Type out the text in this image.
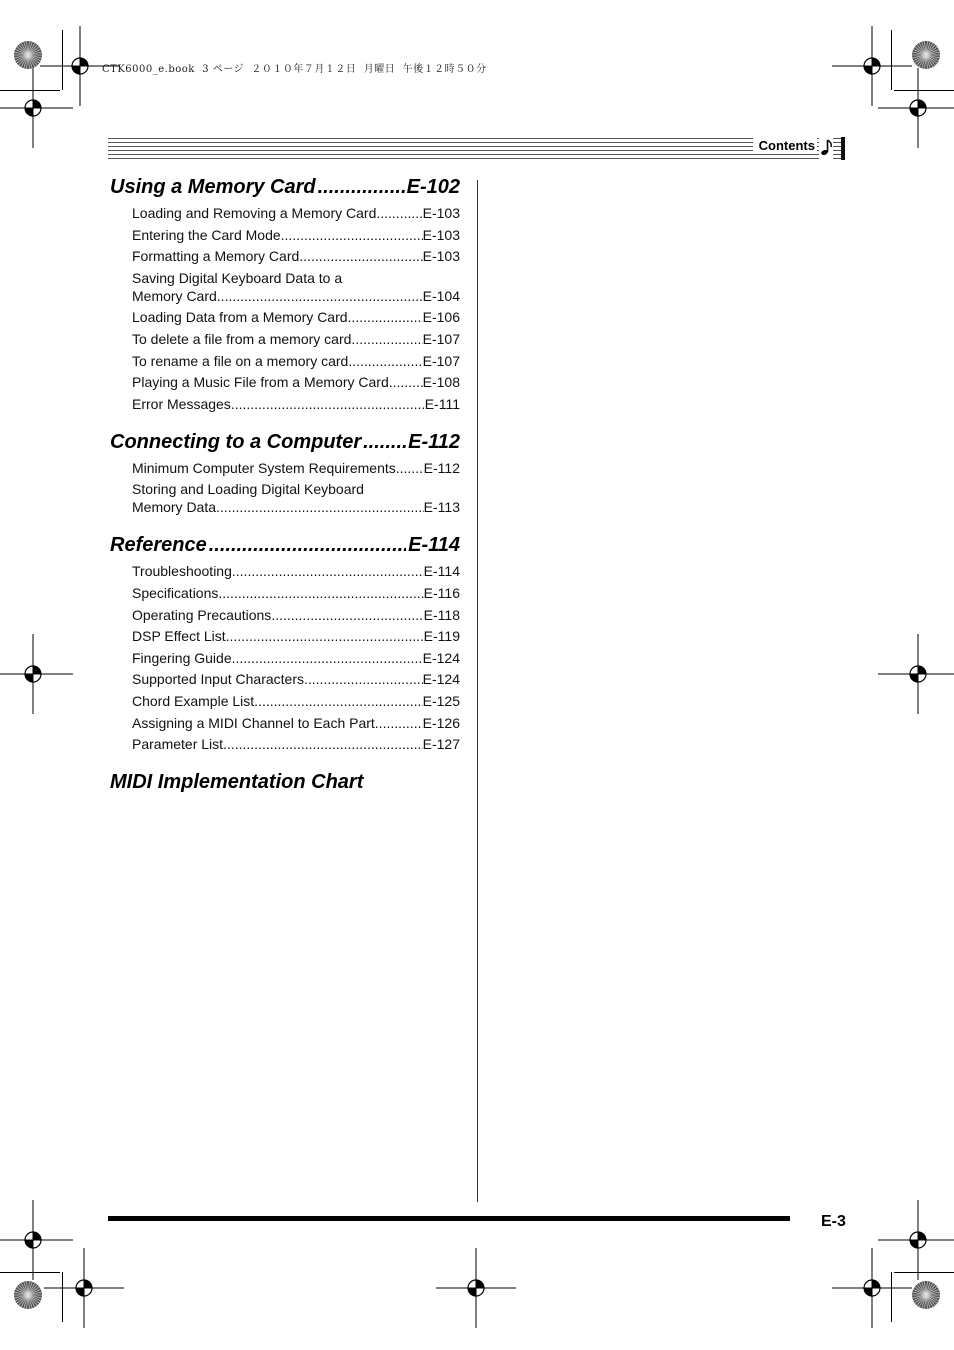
CTK6000_e.book  3 ページ  ２０１０年７月１２日  月曜日  午後１２時５０分
Contents
Using a Memory Card .....	E-102
Loading and Removing a Memory Card .....	E-103
Entering the Card Mode .....	E-103
Formatting a Memory Card .....	E-103
Saving Digital Keyboard Data to a
Memory Card .....	E-104
Loading Data from a Memory Card .....	E-106
To delete a file from a memory card .....	E-107
To rename a file on a memory card .....	E-107
Playing a Music File from a Memory Card ..... E-108
Error Messages .....	E-111
Connecting to a Computer ..... E-112
Minimum Computer System Requirements ..... E-112
Storing and Loading Digital Keyboard
Memory Data .....	E-113
Reference .....	E-114
Troubleshooting .....	E-114
Specifications .....	E-116
Operating Precautions .....	E-118
DSP Effect List .....	E-119
Fingering Guide .....	E-124
Supported Input Characters .....	E-124
Chord Example List .....	E-125
Assigning a MIDI Channel to Each Part .....	E-126
Parameter List .....	E-127
MIDI Implementation Chart
E-3
